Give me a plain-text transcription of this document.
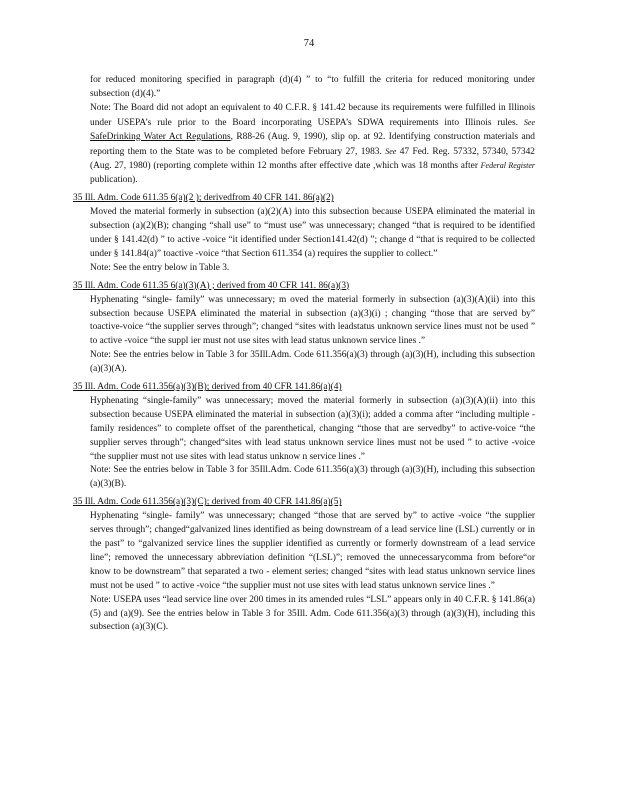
74

for reduced monitoring specified in paragraph (d)(4) ” to “to fulfill the criteria for reduced monitoring under subsection (d)(4).”

Note: The Board did not adopt an equivalent to 40 C.F.R. § 141.42 because its requirements were fulfilled in Illinois under USEPA’s rule prior to the Board incorporating USEPA’s SDWA requirements into Illinois rules. See SafeDrinking Water Act Regulations, R88-26 (Aug. 9, 1990), slip op. at 92. Identifying construction materials and reporting them to the State was to be completed before February 27, 1983. See 47 Fed. Reg. 57332, 57340, 57342 (Aug. 27, 1980) (reporting complete within 12 months after effective date ,which was 18 months after Federal Register publication).

35 Ill. Adm. Code 611.35 6(a)(2 ); derivedfrom 40 CFR 141. 86(a)(2)

Moved the material formerly in subsection (a)(2)(A) into this subsection because USEPA eliminated the material in subsection (a)(2)(B); changing “shall use” to “must use” was unnecessary; changed “that is required to be identified under § 141.42(d) ” to active -voice “it identified under Section141.42(d) ”; change d “that is required to be collected under § 141.84(a)” toactive -voice “that Section 611.354 (a) requires the supplier to collect.”

Note: See the entry below in Table 3.

35 Ill. Adm. Code 611.35 6(a)(3)(A) ; derived from 40 CFR 141. 86(a)(3)

Hyphenating “single- family” was unnecessary; m oved the material formerly in subsection (a)(3)(A)(ii) into this subsection because USEPA eliminated the material in subsection (a)(3)(i) ; changing “those that are served by” toactive-voice “the supplier serves through”; changed “sites with leadstatus unknown service lines must not be used ” to active -voice “the suppl ier must not use sites with lead status unknown service lines .”

Note: See the entries below in Table 3 for 35Ill.Adm. Code 611.356(a)(3) through (a)(3)(H), including this subsection (a)(3)(A).

35 Ill. Adm. Code 611.356(a)(3)(B); derived from 40 CFR 141.86(a)(4)

Hyphenating “single-family” was unnecessary; moved the material formerly in subsection (a)(3)(A)(ii) into this subsection because USEPA eliminated the material in subsection (a)(3)(i); added a comma after “including multiple -family residences” to complete offset of the parenthetical, changing “those that are servedby” to active-voice “the supplier serves through”; changed“sites with lead status unknown service lines must not be used ” to active -voice “the supplier must not use sites with lead status unknow n service lines .”

Note: See the entries below in Table 3 for 35Ill.Adm. Code 611.356(a)(3) through (a)(3)(H), including this subsection (a)(3)(B).

35 Ill. Adm. Code 611.356(a)(3)(C); derived from 40 CFR 141.86(a)(5)

Hyphenating “single- family” was unnecessary; changed “those that are served by” to active -voice “the supplier serves through”; changed“galvanized lines identified as being downstream of a lead service line (LSL) currently or in the past” to “galvanized service lines the supplier identified as currently or formerly downstream of a lead service line”; removed the unnecessary abbreviation definition “(LSL)”; removed the unnecessarycomma from before“or know to be downstream” that separated a two - element series; changed “sites with lead status unknown service lines must not be used ” to active -voice “the supplier must not use sites with lead status unknown service lines .”

Note: USEPA uses “lead service line over 200 times in its amended rules “LSL” appears only in 40 C.F.R. § 141.86(a)(5) and (a)(9). See the entries below in Table 3 for 35Ill. Adm. Code 611.356(a)(3) through (a)(3)(H), including this subsection (a)(3)(C).
